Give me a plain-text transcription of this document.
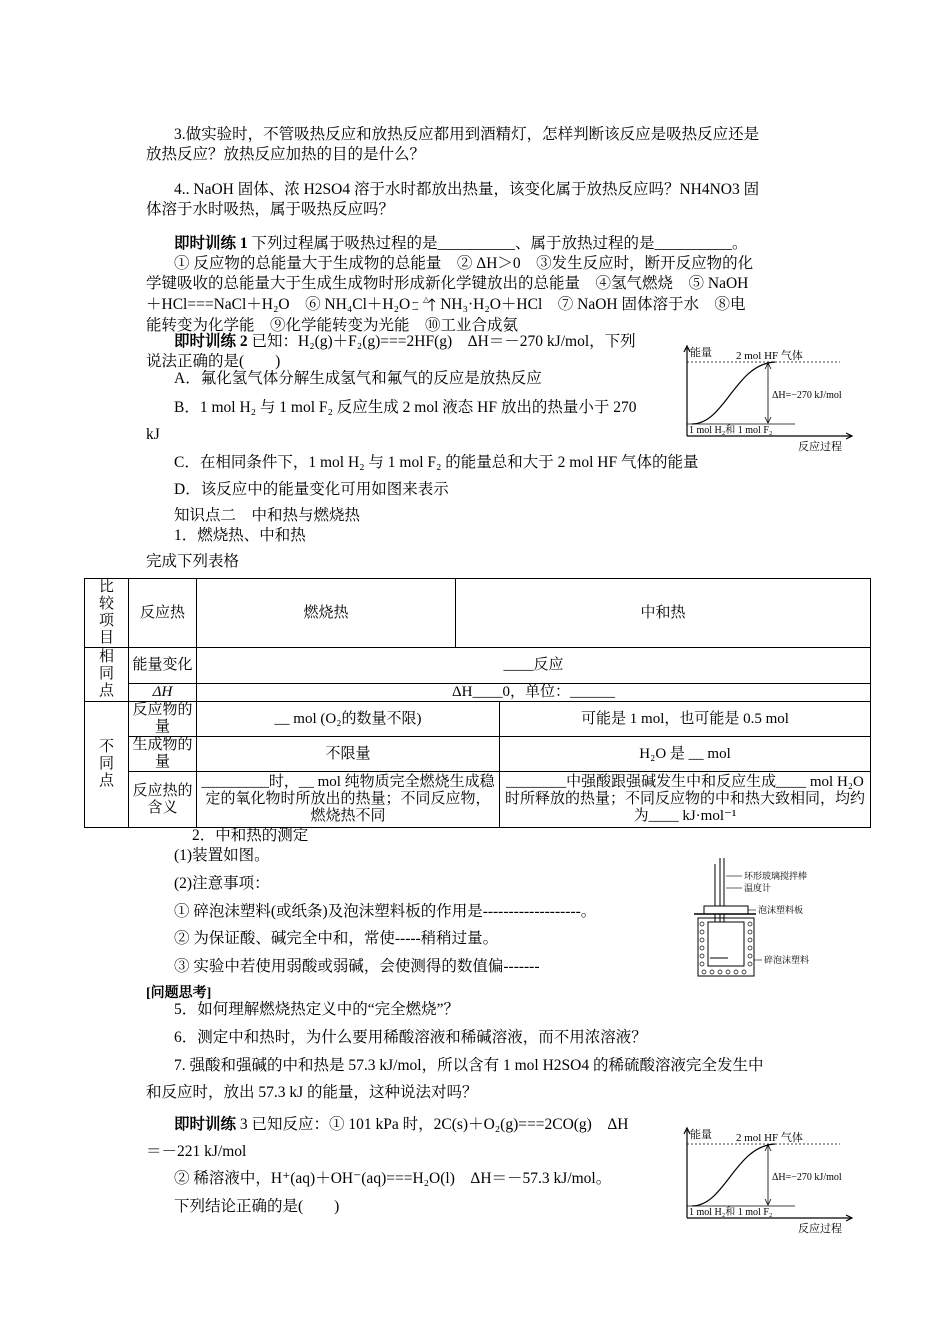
3.做实验时，不管吸热反应和放热反应都用到酒精灯，怎样判断该反应是吸热反应还是
放热反应？放热反应加热的目的是什么？
4.. NaOH 固体、浓 H2SO4 溶于水时都放出热量，该变化属于放热反应吗？NH4NO3 固
体溶于水时吸热，属于吸热反应吗？
即时训练 1 下列过程属于吸热过程的是__________、属于放热过程的是__________。
① 反应物的总能量大于生成物的总能量　② ΔH＞0　③发生反应时，断开反应物的化
学键吸收的总能量大于生成生成物时形成新化学键放出的总能量　④氢气燃烧　⑤ NaOH
＋HCl===NaCl＋H₂O　⑥ NH₄Cl＋H₂O ↽
⇀
△ NH₃·H₂O＋HCl　⑦ NaOH 固体溶于水　⑧电
能转变为化学能　⑨化学能转变为光能　⑩工业合成氨
即时训练 2 已知：H₂(g)＋F₂(g)===2HF(g)　ΔH＝－270 kJ/mol，下列
说法正确的是(　　)
A．氟化氢气体分解生成氢气和氟气的反应是放热反应
B．1 mol H₂ 与 1 mol F₂ 反应生成 2 mol 液态 HF 放出的热量小于 270
kJ
C．在相同条件下，1 mol H₂ 与 1 mol F₂ 的能量总和大于 2 mol HF 气体的能量
D．该反应中的能量变化可用如图来表示
能量 2 mol HF 气体
ΔH=−270 kJ/mol
1 mol H₂和 1 mol F₂
反应过程
知识点二　中和热与燃烧热
1．燃烧热、中和热
完成下列表格
比较项目	反应热	燃烧热	中和热	

相同点	能量变化	____反应		
	ΔH	ΔH____0，单位：______		

不同点	反应物的量	__ mol (O₂的数量不限)		可能是 1 mol，也可能是 0.5 mol

	生成物的量	不限量		H₂O 是 __ mol

	反应热的含义	_________时，__ mol 纯物质完全燃烧生成稳定的氧化物时所放出的热量；不同反应物，燃烧热不同		________中强酸跟强碱发生中和反应生成____ mol H₂O 时所释放的热量；不同反应物的中和热大致相同，均约为____ kJ·mol⁻¹
2．中和热的测定
(1)装置如图。
(2)注意事项：
① 碎泡沫塑料(或纸条)及泡沫塑料板的作用是-------------------。
② 为保证酸、碱完全中和，常使-----稍稍过量。
③ 实验中若使用弱酸或弱碱，会使测得的数值偏-------
环形玻璃搅拌棒
温度计
泡沫塑料板
碎泡沫塑料
[问题思考]
5．如何理解燃烧热定义中的“完全燃烧”？
6．测定中和热时，为什么要用稀酸溶液和稀碱溶液，而不用浓溶液？
7. 强酸和强碱的中和热是 57.3 kJ/mol，所以含有 1 mol H2SO4 的稀硫酸溶液完全发生中
和反应时，放出 57.3 kJ 的能量，这种说法对吗？
即时训练 3 已知反应：① 101 kPa 时，2C(s)＋O₂(g)===2CO(g)　ΔH
＝－221 kJ/mol
② 稀溶液中，H⁺(aq)＋OH⁻(aq)===H₂O(l)　ΔH＝－57.3 kJ/mol。
下列结论正确的是(　　)
能量 2 mol HF 气体
ΔH=−270 kJ/mol
1 mol H₂和 1 mol F₂
反应过程
